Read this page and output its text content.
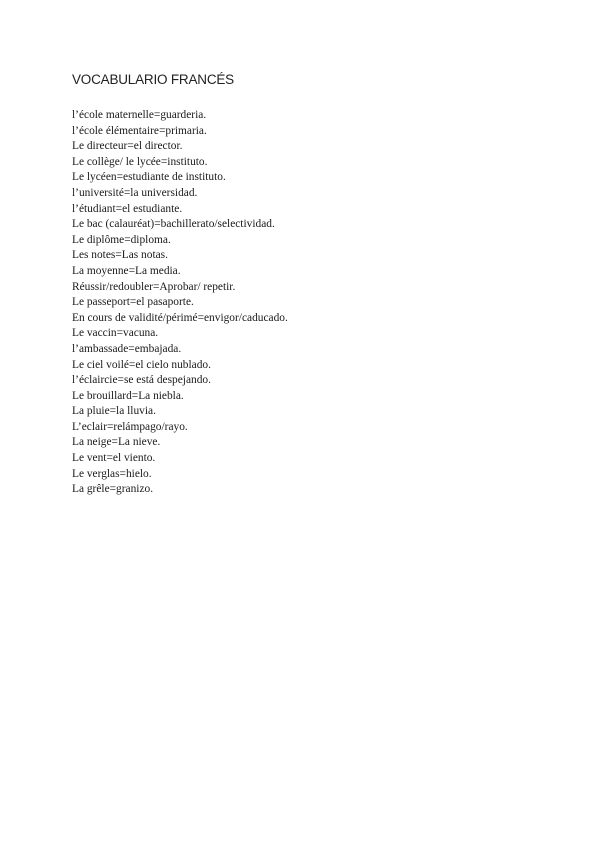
VOCABULARIO FRANCÉS
l’école maternelle=guarderia.
l’école élémentaire=primaria.
Le directeur=el director.
Le collège/ le lycée=instituto.
Le lycéen=estudiante de instituto.
l’université=la universidad.
l’étudiant=el estudiante.
Le bac (calauréat)=bachillerato/selectividad.
Le diplôme=diploma.
Les notes=Las notas.
La moyenne=La media.
Réussir/redoubler=Aprobar/ repetir.
Le passeport=el pasaporte.
En cours de validité/périmé=envigor/caducado.
Le vaccin=vacuna.
l’ambassade=embajada.
Le ciel voilé=el cielo nublado.
l’éclaircie=se está despejando.
Le brouillard=La niebla.
La pluie=la lluvia.
L’eclair=relámpago/rayo.
La neige=La nieve.
Le vent=el viento.
Le verglas=hielo.
La grêle=granizo.
